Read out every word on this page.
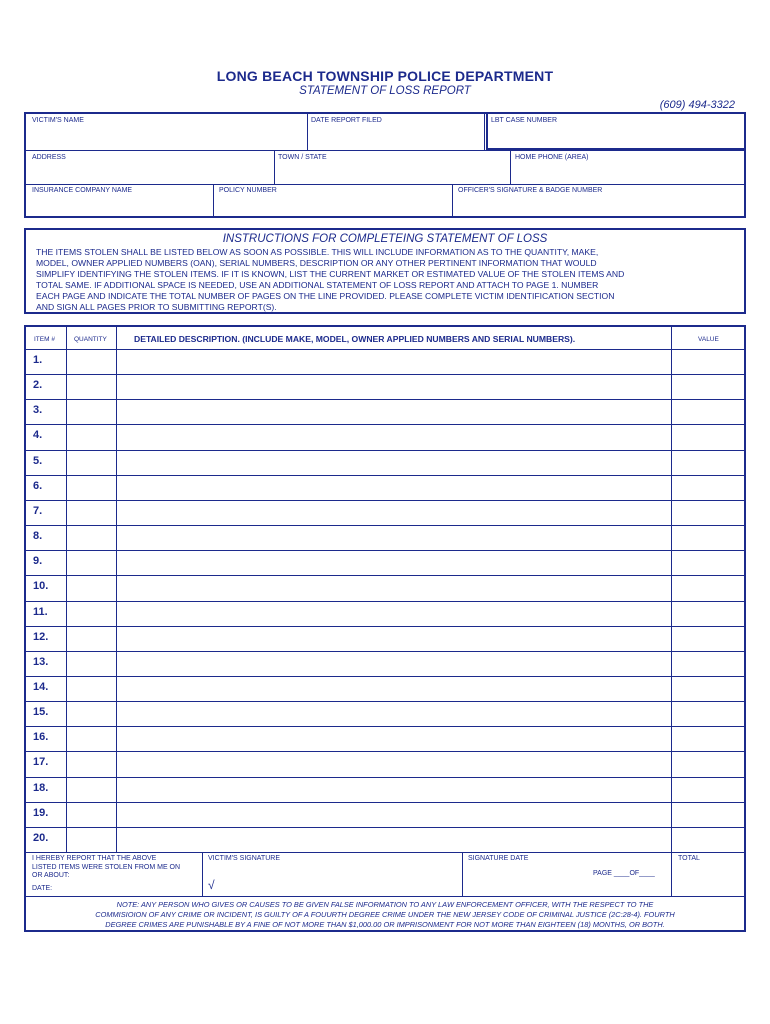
LONG BEACH TOWNSHIP POLICE DEPARTMENT
STATEMENT OF LOSS REPORT
(609) 494-3322
VICTIM'S NAME	DATE REPORT FILED	LBT CASE NUMBER
ADDRESS	TOWN / STATE	HOME PHONE (AREA)
INSURANCE COMPANY NAME	POLICY NUMBER	OFFICER'S SIGNATURE & BADGE NUMBER
INSTRUCTIONS FOR COMPLETEING STATEMENT OF LOSS
THE ITEMS STOLEN SHALL BE LISTED BELOW AS SOON AS POSSIBLE. THIS WILL INCLUDE INFORMATION AS TO THE QUANTITY, MAKE,
MODEL, OWNER APPLIED NUMBERS (OAN), SERIAL NUMBERS, DESCRIPTION OR ANY OTHER PERTINENT INFORMATION THAT WOULD
SIMPLIFY IDENTIFYING THE STOLEN ITEMS. IF IT IS KNOWN, LIST THE CURRENT MARKET OR ESTIMATED VALUE OF THE STOLEN ITEMS AND
TOTAL SAME. IF ADDITIONAL SPACE IS NEEDED, USE AN ADDITIONAL STATEMENT OF LOSS REPORT AND ATTACH TO PAGE 1. NUMBER
EACH PAGE AND INDICATE THE TOTAL NUMBER OF PAGES ON THE LINE PROVIDED. PLEASE COMPLETE VICTIM IDENTIFICATION SECTION
AND SIGN ALL PAGES PRIOR TO SUBMITTING REPORT(S).
ITEM #	QUANTITY	DETAILED DESCRIPTION. (INCLUDE MAKE, MODEL, OWNER APPLIED NUMBERS AND SERIAL NUMBERS).	VALUE
1.
2.
3.
4.
5.
6.
7.
8.
9.
10.
11.
12.
13.
14.
15.
16.
17.
18.
19.
20.
I HEREBY REPORT THAT THE ABOVE
LISTED ITEMS WERE STOLEN FROM ME ON
OR ABOUT:
DATE:
VICTIM'S SIGNATURE
√
SIGNATURE DATE
PAGE ____OF____
TOTAL
NOTE: ANY PERSON WHO GIVES OR CAUSES TO BE GIVEN FALSE INFORMATION TO ANY LAW ENFORCEMENT OFFICER, WITH THE RESPECT TO THE
COMMISIOION OF ANY CRIME OR INCIDENT, IS GUILTY OF A FOUURTH DEGREE CRIME UNDER THE NEW JERSEY CODE OF CRIMINAL JUSTICE (2C:28-4). FOURTH
DEGREE CRIMES ARE PUNISHABLE BY A FINE OF NOT MORE THAN $1,000.00 OR IMPRISONMENT FOR NOT MORE THAN EIGHTEEN (18) MONTHS, OR BOTH.
